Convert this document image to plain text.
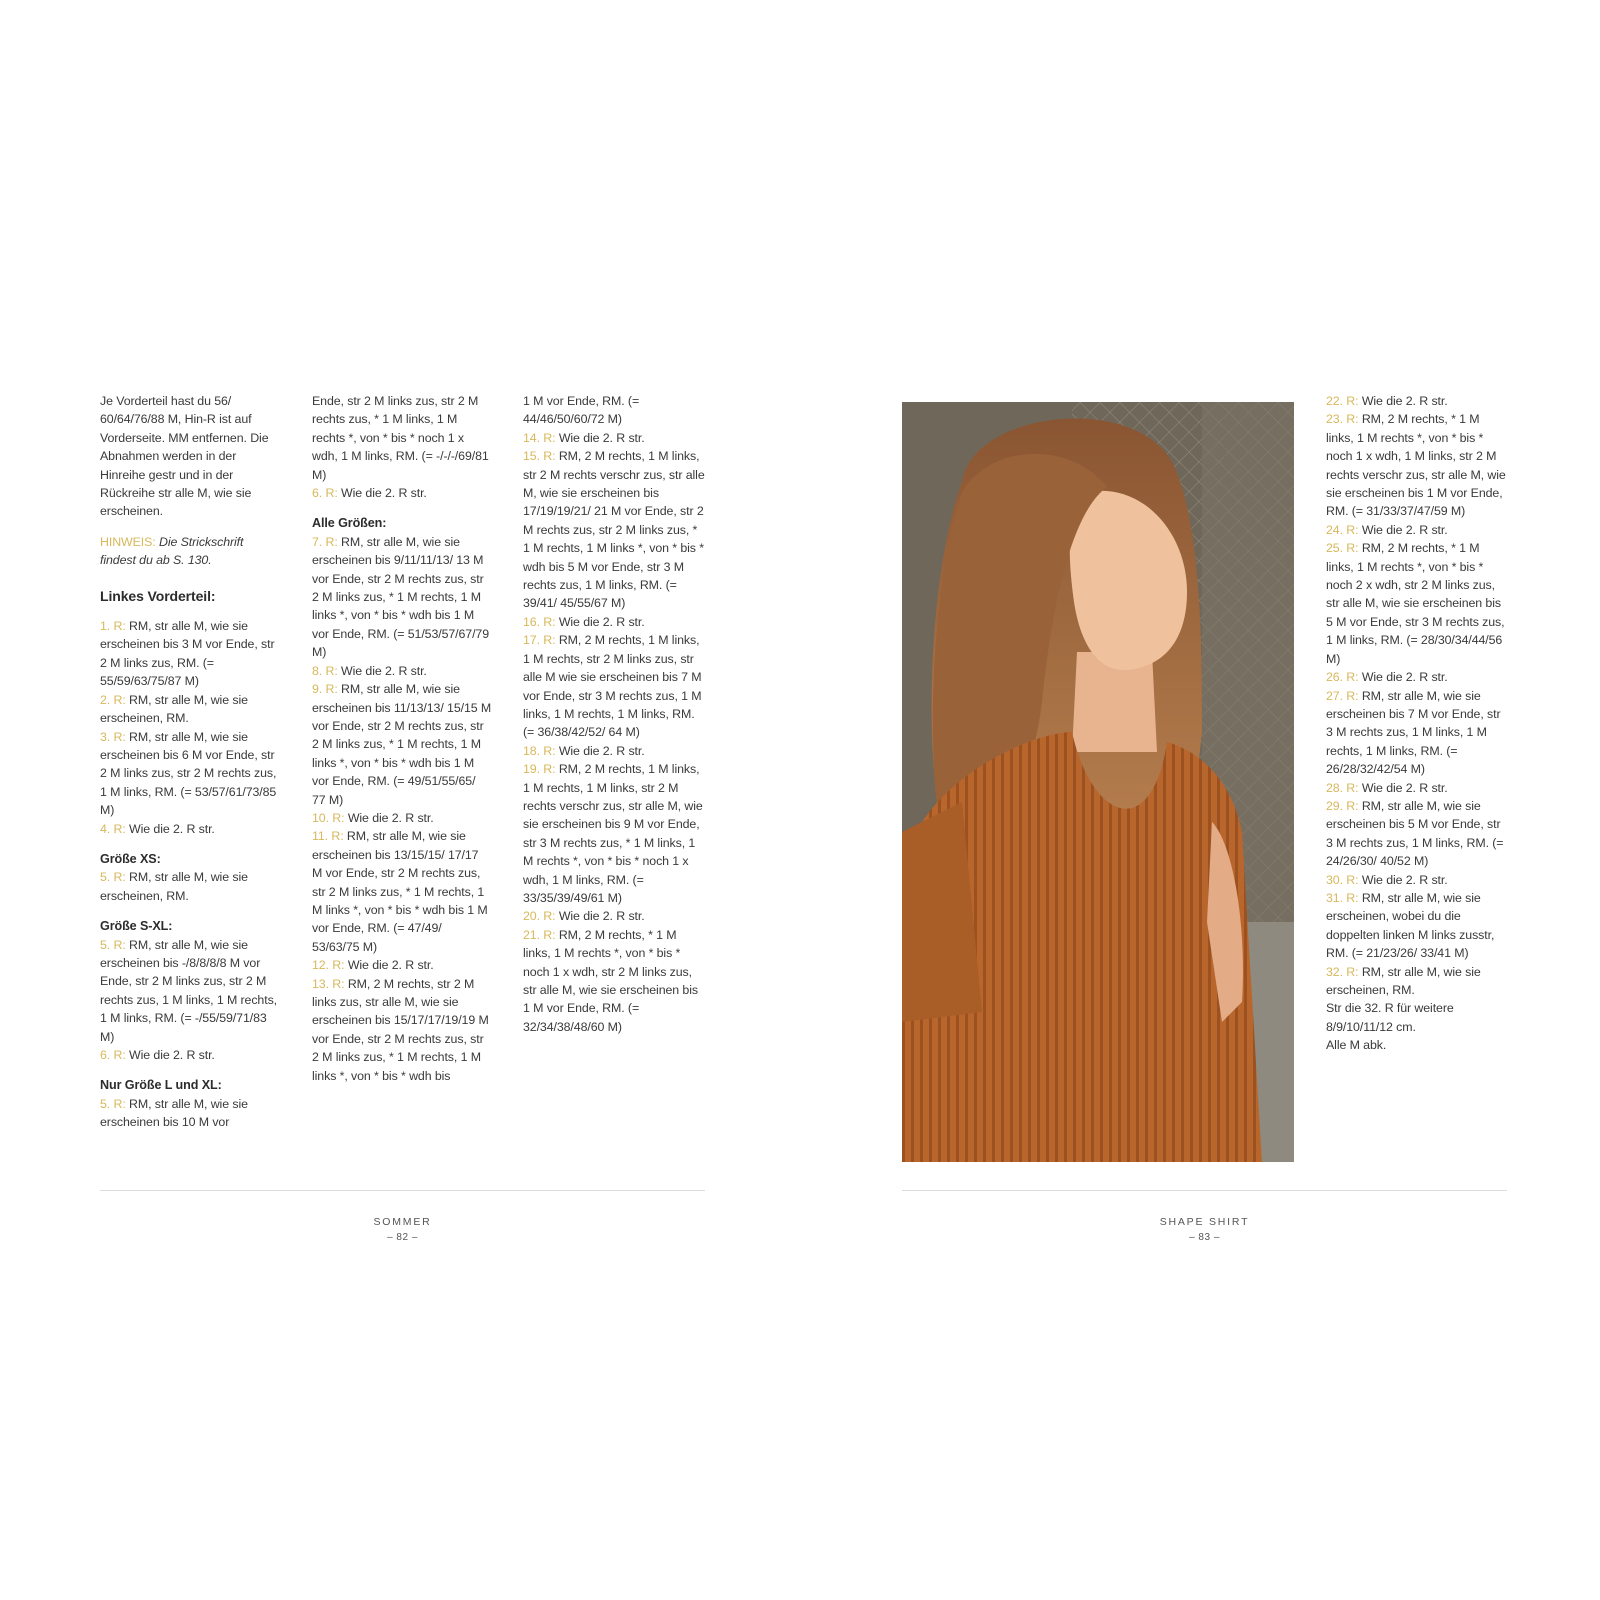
Je Vorderteil hast du 56/ 60/64/76/88 M, Hin-R ist auf Vorderseite. MM entfernen. Die Abnahmen werden in der Hinreihe gestr und in der Rückreihe str alle M, wie sie erscheinen.

HINWEIS: Die Strickschrift findest du ab S. 130.

Linkes Vorderteil:

1. R: RM, str alle M, wie sie erscheinen bis 3 M vor Ende, str 2 M links zus, RM. (= 55/59/63/75/87 M)

2. R: RM, str alle M, wie sie erscheinen, RM.

3. R: RM, str alle M, wie sie erscheinen bis 6 M vor Ende, str 2 M links zus, str 2 M rechts zus, 1 M links, RM. (= 53/57/61/73/85 M)

4. R: Wie die 2. R str.

Größe XS:

5. R: RM, str alle M, wie sie erscheinen, RM.

Größe S-XL:

5. R: RM, str alle M, wie sie erscheinen bis -/8/8/8/8 M vor Ende, str 2 M links zus, str 2 M rechts zus, 1 M links, 1 M rechts, 1 M links, RM. (= -/55/59/71/83 M)

6. R: Wie die 2. R str.

Nur Größe L und XL:

5. R: RM, str alle M, wie sie erscheinen bis 10 M vor

Ende, str 2 M links zus, str 2 M rechts zus, * 1 M links, 1 M rechts *, von * bis * noch 1 x wdh, 1 M links, RM. (= -/-/-/69/81 M)

6. R: Wie die 2. R str.

Alle Größen:

7. R: RM, str alle M, wie sie erscheinen bis 9/11/11/13/ 13 M vor Ende, str 2 M rechts zus, str 2 M links zus, * 1 M rechts, 1 M links *, von * bis * wdh bis 1 M vor Ende, RM. (= 51/53/57/67/79 M)

8. R: Wie die 2. R str.

9. R: RM, str alle M, wie sie erscheinen bis 11/13/13/ 15/15 M vor Ende, str 2 M rechts zus, str 2 M links zus, * 1 M rechts, 1 M links *, von * bis * wdh bis 1 M vor Ende, RM. (= 49/51/55/65/ 77 M)

10. R: Wie die 2. R str.

11. R: RM, str alle M, wie sie erscheinen bis 13/15/15/ 17/17 M vor Ende, str 2 M rechts zus, str 2 M links zus, * 1 M rechts, 1 M links *, von * bis * wdh bis 1 M vor Ende, RM. (= 47/49/ 53/63/75 M)

12. R: Wie die 2. R str.

13. R: RM, 2 M rechts, str 2 M links zus, str alle M, wie sie erscheinen bis 15/17/17/19/19 M vor Ende, str 2 M rechts zus, str 2 M links zus, * 1 M rechts, 1 M links *, von * bis * wdh bis

1 M vor Ende, RM. (= 44/46/50/60/72 M)

14. R: Wie die 2. R str.

15. R: RM, 2 M rechts, 1 M links, str 2 M rechts verschr zus, str alle M, wie sie erscheinen bis 17/19/19/21/ 21 M vor Ende, str 2 M rechts zus, str 2 M links zus, * 1 M rechts, 1 M links *, von * bis * wdh bis 5 M vor Ende, str 3 M rechts zus, 1 M links, RM. (= 39/41/ 45/55/67 M)

16. R: Wie die 2. R str.

17. R: RM, 2 M rechts, 1 M links, 1 M rechts, str 2 M links zus, str alle M wie sie erscheinen bis 7 M vor Ende, str 3 M rechts zus, 1 M links, 1 M rechts, 1 M links, RM. (= 36/38/42/52/ 64 M)

18. R: Wie die 2. R str.

19. R: RM, 2 M rechts, 1 M links, 1 M rechts, 1 M links, str 2 M rechts verschr zus, str alle M, wie sie erscheinen bis 9 M vor Ende, str 3 M rechts zus, * 1 M links, 1 M rechts *, von * bis * noch 1 x wdh, 1 M links, RM. (= 33/35/39/49/61 M)

20. R: Wie die 2. R str.

21. R: RM, 2 M rechts, * 1 M links, 1 M rechts *, von * bis * noch 1 x wdh, str 2 M links zus, str alle M, wie sie erscheinen bis 1 M vor Ende, RM. (= 32/34/38/48/60 M)

SOMMER
– 82 –

22. R: Wie die 2. R str.

23. R: RM, 2 M rechts, * 1 M links, 1 M rechts *, von * bis * noch 1 x wdh, 1 M links, str 2 M rechts verschr zus, str alle M, wie sie erscheinen bis 1 M vor Ende, RM. (= 31/33/37/47/59 M)

24. R: Wie die 2. R str.

25. R: RM, 2 M rechts, * 1 M links, 1 M rechts *, von * bis * noch 2 x wdh, str 2 M links zus, str alle M, wie sie erscheinen bis 5 M vor Ende, str 3 M rechts zus, 1 M links, RM. (= 28/30/34/44/56 M)

26. R: Wie die 2. R str.

27. R: RM, str alle M, wie sie erscheinen bis 7 M vor Ende, str 3 M rechts zus, 1 M links, 1 M rechts, 1 M links, RM. (= 26/28/32/42/54 M)

28. R: Wie die 2. R str.

29. R: RM, str alle M, wie sie erscheinen bis 5 M vor Ende, str 3 M rechts zus, 1 M links, RM. (= 24/26/30/ 40/52 M)

30. R: Wie die 2. R str.

31. R: RM, str alle M, wie sie erscheinen, wobei du die doppelten linken M links zusstr, RM. (= 21/23/26/ 33/41 M)

32. R: RM, str alle M, wie sie erscheinen, RM.

Str die 32. R für weitere 8/9/10/11/12 cm.

Alle M abk.

SHAPE SHIRT
– 83 –
